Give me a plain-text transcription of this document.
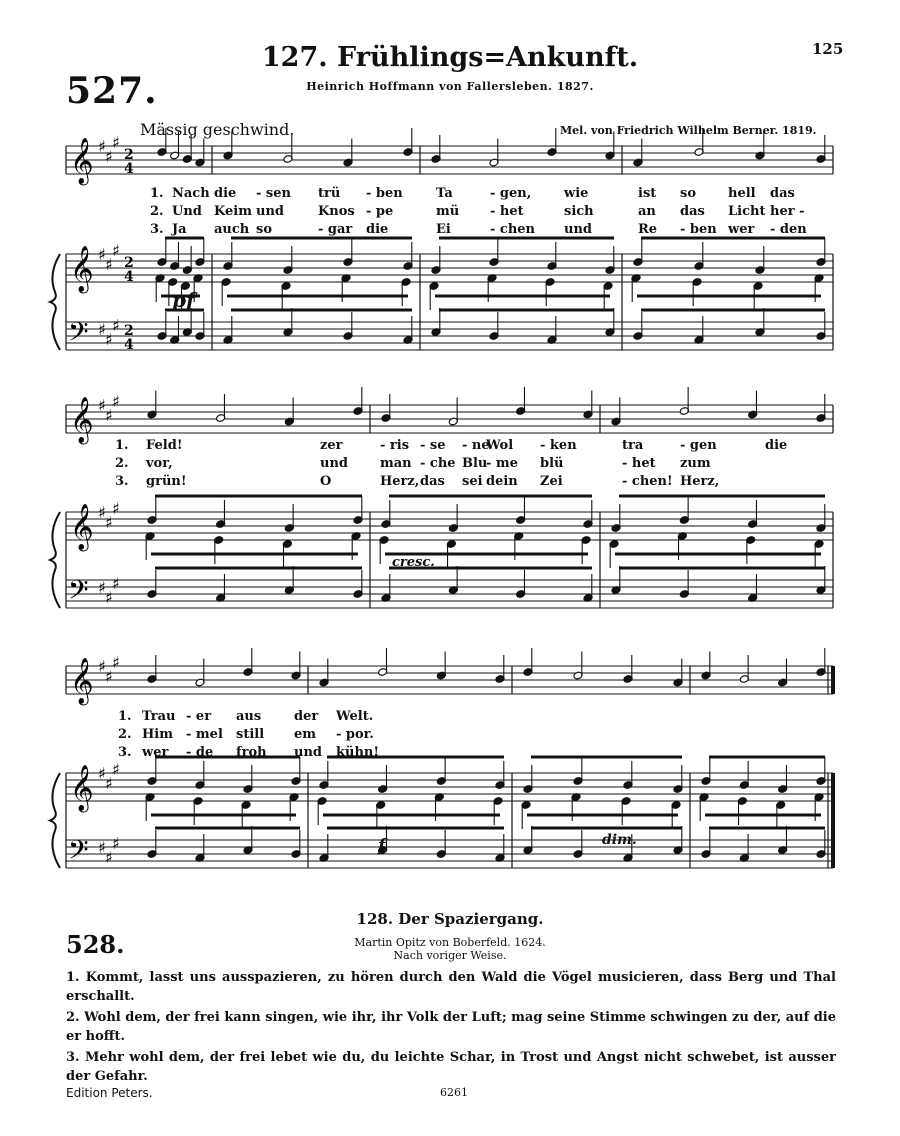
125
527.
127. Frühlings=Ankunft.
Heinrich Hoffmann von Fallersleben. 1827.
Mässig geschwind.	Mel. von Friedrich Wilhelm Berner. 1819.
𝄞
𝄞
𝄢
♯
♯
♯
♯
♯
♯
♯
♯
♯
2
4
2
4
2
4
𝄞
𝄞
𝄢
♯
♯
♯
♯
♯
♯
♯
♯
♯
𝄞
𝄞
𝄢
♯
♯
♯
♯
♯
♯
♯
♯
♯
pf
cresc.
f	dim.
1. Nach die - sen trü - ben	Ta	- gen,	wie	ist so hell das
2. Und Keim und	Knos - pe	mü - het	sich	an das Licht her -
3. Ja auch so	- gar die	Ei	- chen und	Re - ben wer - den
1. Feld!	zer	- ris - se - ne
Wol - ken	tra	- gen	die
2. vor,	und man - che Blu
- me blü	- het zum
3. grün!	O	Herz, das sei dein Zei	- chen! Herz,
1. Trau - er aus	der Welt.
2. Him - mel still em - por.
3. wer - de froh und kühn!
528.
128. Der Spaziergang.
Martin Opitz von Boberfeld. 1624.
Nach voriger Weise.
1. Kommt, lasst uns ausspazieren, zu hören durch den Wald die Vögel musicieren, dass Berg und Thal erschallt.
2. Wohl dem, der frei kann singen, wie ihr, ihr Volk der Luft; mag seine Stimme schwingen zu der, auf die er hofft.
3. Mehr wohl dem, der frei lebet wie du, du leichte Schar, in Trost und Angst nicht schwebet, ist ausser der Gefahr.
Edition Peters.	6261
